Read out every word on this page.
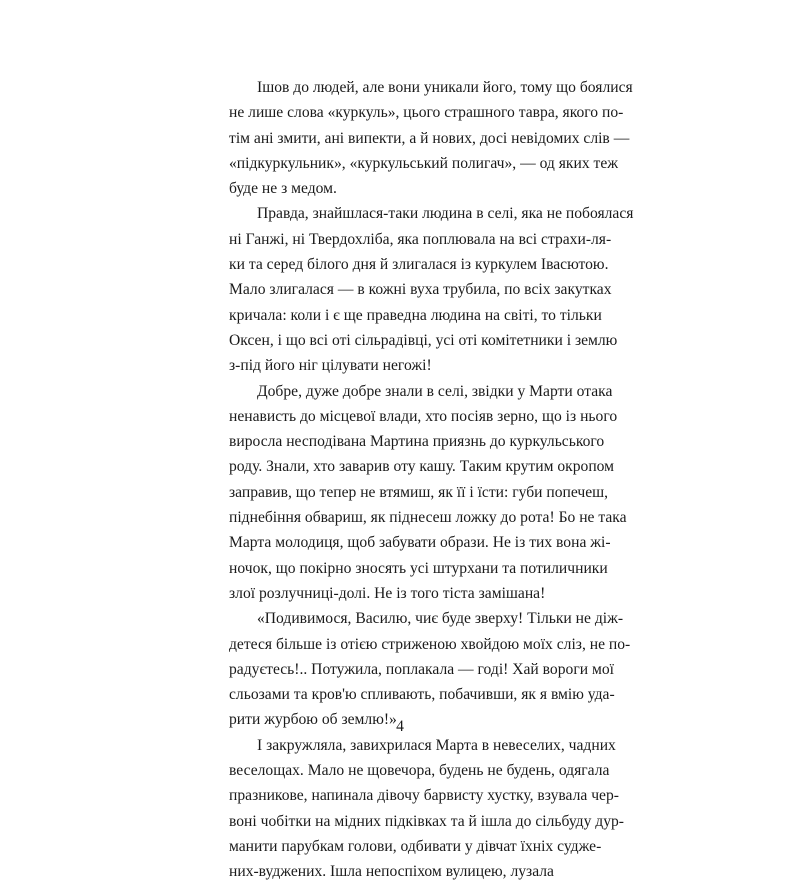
Ішов до людей, але вони уникали його, тому що боялися
не лише слова «куркуль», цього страшного тавра, якого по-
тім ані змити, ані випекти, а й нових, досі невідомих слів —
«підкуркульник», «куркульський полигач», — од яких теж
буде не з медом.
Правда, знайшлася-таки людина в селі, яка не побоялася
ні Ганжі, ні Твердохліба, яка поплювала на всі страхи-ля-
ки та серед білого дня й злигалася із куркулем Івасютою.
Мало злигалася — в кожні вуха трубила, по всіх закутках
кричала: коли і є ще праведна людина на світі, то тільки
Оксен, і що всі оті сільрадівці, усі оті комітетники і землю
з-під його ніг цілувати негожі!
Добре, дуже добре знали в селі, звідки у Марти отака
ненависть до місцевої влади, хто посіяв зерно, що із нього
виросла несподівана Мартина приязнь до куркульського
роду. Знали, хто заварив оту кашу. Таким крутим окропом
заправив, що тепер не втямиш, як її і їсти: губи попечеш,
піднебіння обвариш, як піднесеш ложку до рота! Бо не така
Марта молодиця, щоб забувати образи. Не із тих вона жі-
ночок, що покірно зносять усі штурхани та потиличники
злої розлучниці-долі. Не із того тіста замішана!
«Подивимося, Василю, чиє буде зверху! Тільки не діж-
детеся більше із отією стриженою хвойдою моїх сліз, не по-
радуєтесь!.. Потужила, поплакала — годі! Хай вороги мої
сльозами та кров'ю спливають, побачивши, як я вмію уда-
рити журбою об землю!»
І закружляла, завихрилася Марта в невеселих, чадних
веселощах. Мало не щовечора, будень не будень, одягала
празникове, напинала дівочу барвисту хустку, взувала чер-
воні чобітки на мідних підківках та й ішла до сільбуду дур-
манити парубкам голови, одбивати у дівчат їхніх судже-
них-вуджених. Ішла непоспіхом вулицею, лузала
4
